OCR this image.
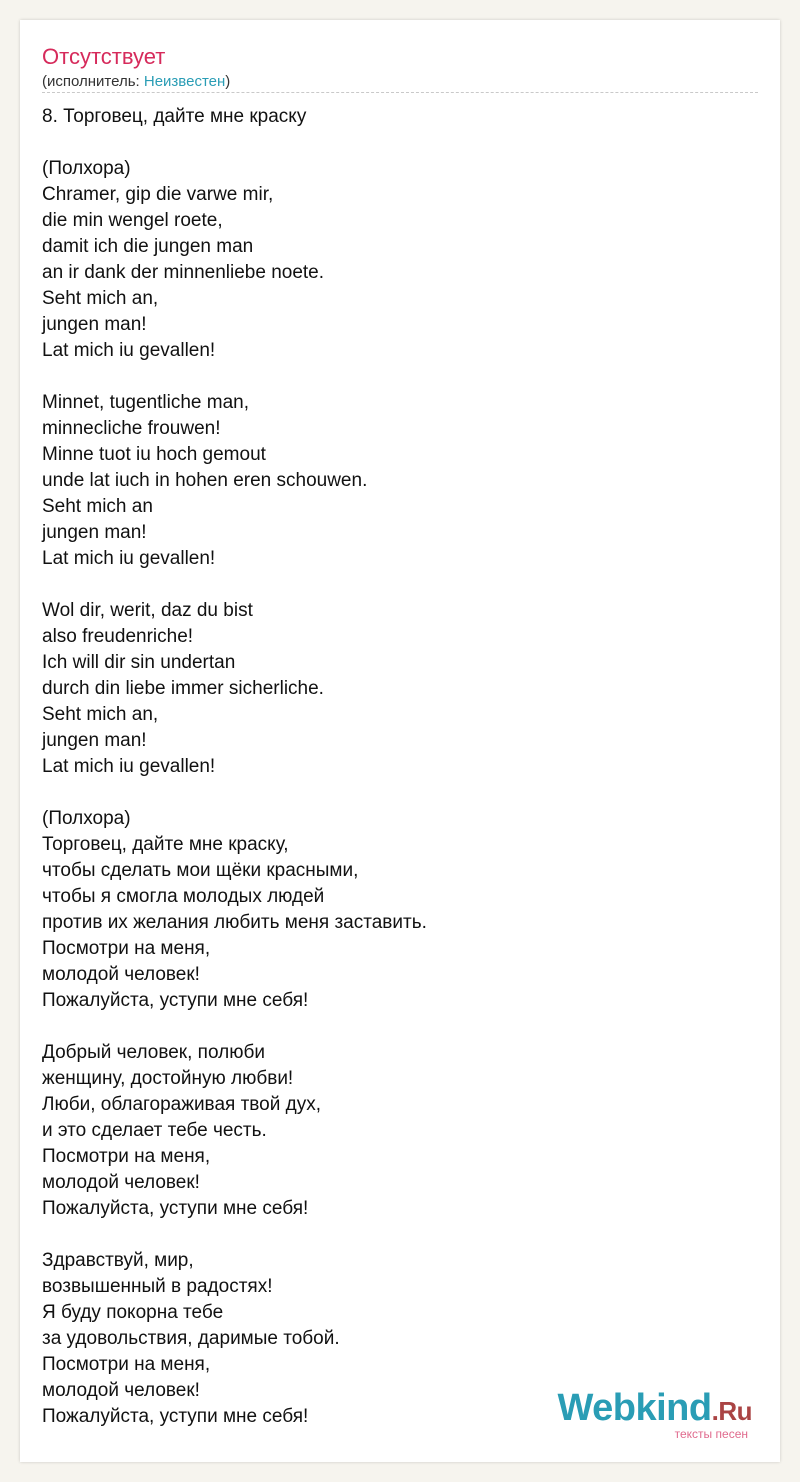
Отсутствует
(исполнитель: Неизвестен)
8. Торговец, дайте мне краску
(Полхора)
Chramer, gip die varwe mir,
die min wengel roete,
damit ich die jungen man
an ir dank der minnenliebe noete.
Seht mich an,
jungen man!
Lat mich iu gevallen!
Minnet, tugentliche man,
minnecliche frouwen!
Minne tuot iu hoch gemout
unde lat iuch in hohen eren schouwen.
Seht mich an
jungen man!
Lat mich iu gevallen!
Wol dir, werit, daz du bist
also freudenriche!
Ich will dir sin undertan
durch din liebe immer sicherliche.
Seht mich an,
jungen man!
Lat mich iu gevallen!
(Полхора)
Торговец, дайте мне краску,
чтобы сделать мои щёки красными,
чтобы я смогла молодых людей
против их желания любить меня заставить.
Посмотри на меня,
молодой человек!
Пожалуйста, уступи мне себя!
Добрый человек, полюби
женщину, достойную любви!
Люби, облагораживая твой дух,
и это сделает тебе честь.
Посмотри на меня,
молодой человек!
Пожалуйста, уступи мне себя!
Здравствуй, мир,
возвышенный в радостях!
Я буду покорна тебе
за удовольствия, даримые тобой.
Посмотри на меня,
молодой человек!
Пожалуйста, уступи мне себя!	Webkind.Ru
тексты песен
